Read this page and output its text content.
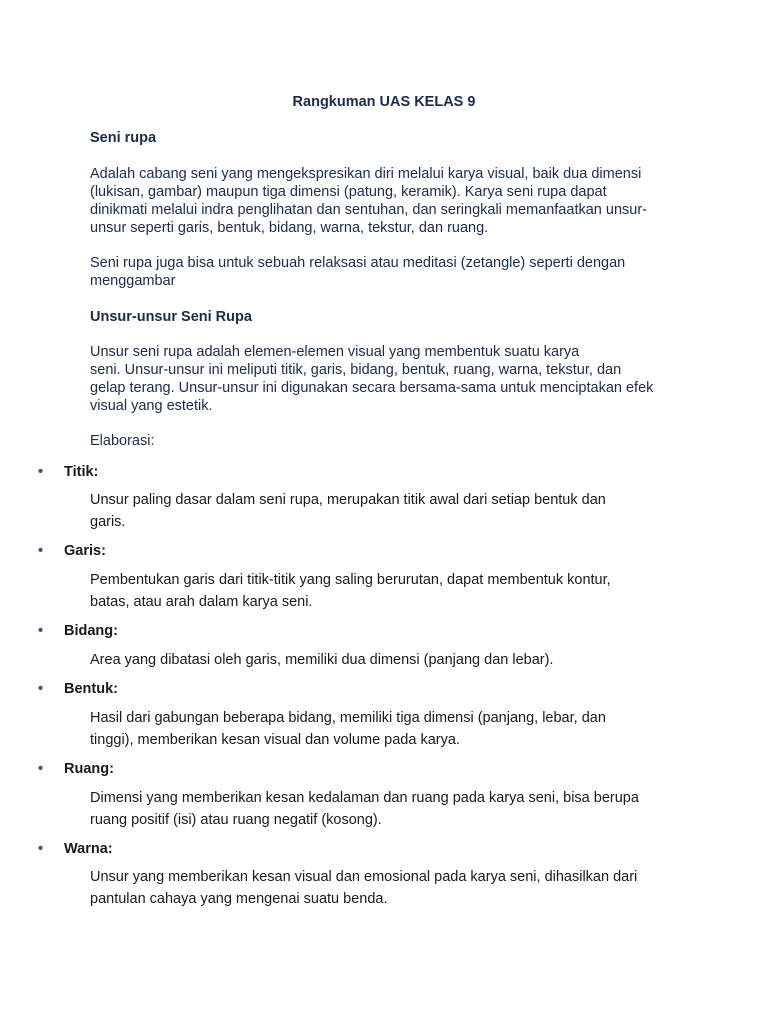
Rangkuman UAS KELAS 9
Seni rupa
Adalah cabang seni yang mengekspresikan diri melalui karya visual, baik dua dimensi
(lukisan, gambar) maupun tiga dimensi (patung, keramik). Karya seni rupa dapat
dinikmati melalui indra penglihatan dan sentuhan, dan seringkali memanfaatkan unsur-
unsur seperti garis, bentuk, bidang, warna, tekstur, dan ruang.
Seni rupa juga bisa untuk sebuah relaksasi atau meditasi (zetangle) seperti dengan
menggambar
Unsur-unsur Seni Rupa
Unsur seni rupa adalah elemen-elemen visual yang membentuk suatu karya
seni. Unsur-unsur ini meliputi titik, garis, bidang, bentuk, ruang, warna, tekstur, dan
gelap terang. Unsur-unsur ini digunakan secara bersama-sama untuk menciptakan efek
visual yang estetik.
Elaborasi:
• Titik:
Unsur paling dasar dalam seni rupa, merupakan titik awal dari setiap bentuk dan
garis.
• Garis:
Pembentukan garis dari titik-titik yang saling berurutan, dapat membentuk kontur,
batas, atau arah dalam karya seni.
• Bidang:
Area yang dibatasi oleh garis, memiliki dua dimensi (panjang dan lebar).
• Bentuk:
Hasil dari gabungan beberapa bidang, memiliki tiga dimensi (panjang, lebar, dan
tinggi), memberikan kesan visual dan volume pada karya.
• Ruang:
Dimensi yang memberikan kesan kedalaman dan ruang pada karya seni, bisa berupa
ruang positif (isi) atau ruang negatif (kosong).
• Warna:
Unsur yang memberikan kesan visual dan emosional pada karya seni, dihasilkan dari
pantulan cahaya yang mengenai suatu benda.
